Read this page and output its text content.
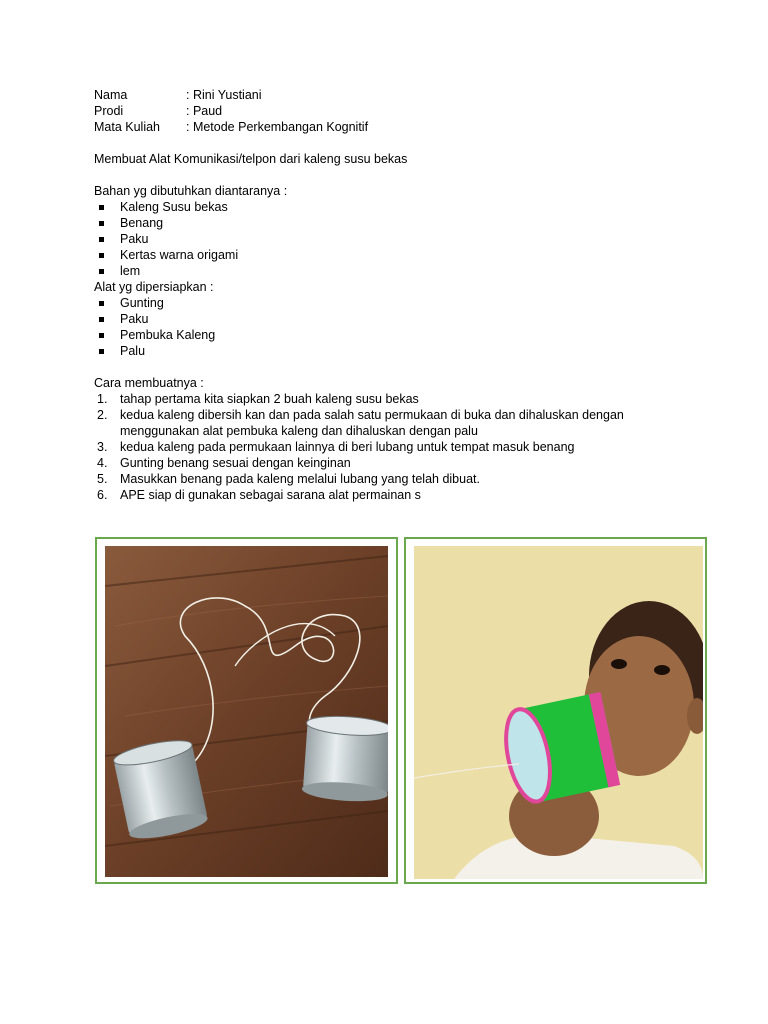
Nama	: Rini Yustiani
Prodi	: Paud
Mata Kuliah	: Metode Perkembangan Kognitif
Membuat Alat Komunikasi/telpon dari kaleng susu bekas
Bahan yg dibutuhkan diantaranya :
Kaleng Susu bekas
Benang
Paku
Kertas warna origami
lem
Alat yg dipersiapkan :
Gunting
Paku
Pembuka Kaleng
Palu
Cara membuatnya :
1.	tahap pertama kita siapkan 2 buah kaleng susu bekas
2.	kedua kaleng dibersih kan dan pada salah satu permukaan di buka dan dihaluskan dengan menggunakan alat pembuka kaleng dan dihaluskan dengan palu
3.	kedua kaleng pada permukaan lainnya di beri lubang untuk tempat masuk benang
4.	Gunting benang sesuai dengan keinginan
5.	Masukkan benang pada kaleng melalui lubang yang telah dibuat.
6.	APE siap di gunakan sebagai sarana alat permainan s
